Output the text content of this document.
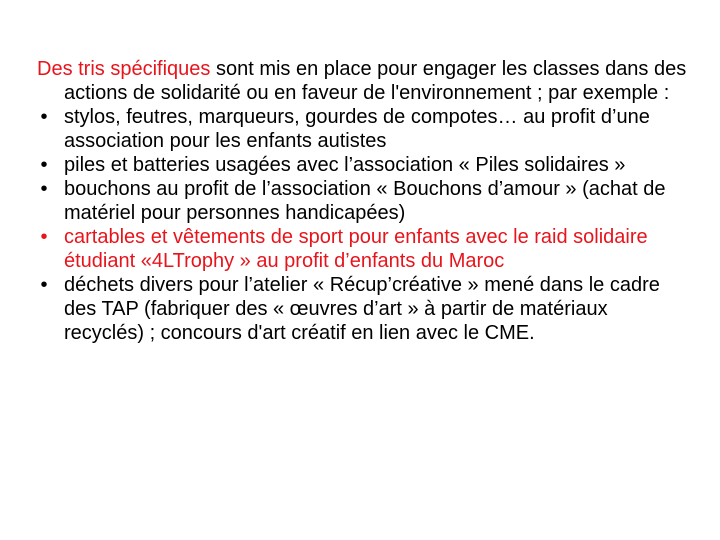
Des tris spécifiques sont mis en place pour engager les classes dans des actions de solidarité ou en faveur de l'environnement ; par exemple :

• stylos, feutres, marqueurs, gourdes de compotes… au profit d’une association pour les enfants autistes
• piles et batteries usagées avec l’association « Piles solidaires »
• bouchons au profit de l’association « Bouchons d’amour » (achat de matériel pour personnes handicapées)
• cartables et vêtements de sport pour enfants avec le raid solidaire étudiant «4LTrophy » au profit d’enfants du Maroc
• déchets divers pour l’atelier « Récup’créative » mené dans le cadre des TAP (fabriquer des « œuvres d’art » à partir de matériaux recyclés) ; concours d'art créatif en lien avec le CME.
